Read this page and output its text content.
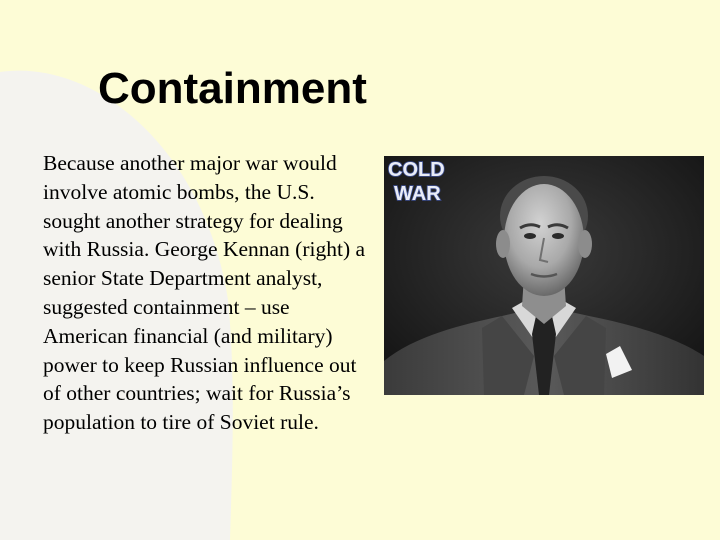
Containment

Because another major war would involve atomic bombs, the U.S. sought another strategy for dealing with Russia. George Kennan (right) a senior State Department analyst, suggested containment – use American financial (and military) power to keep Russian influence out of other countries; wait for Russia’s population to tire of Soviet rule.

COLD
WAR
